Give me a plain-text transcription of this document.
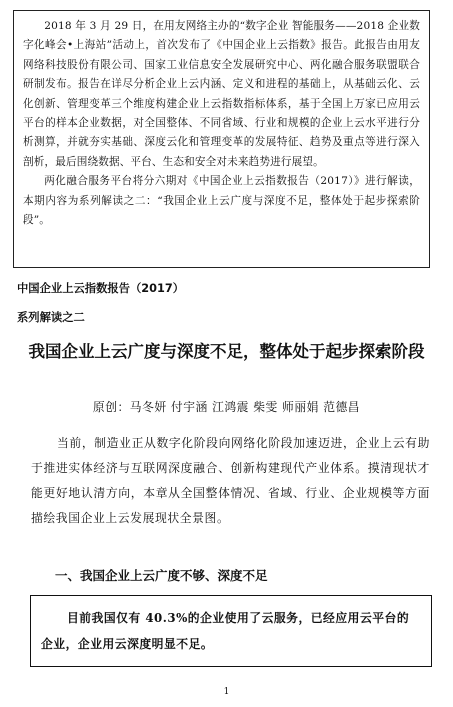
2018 年 3 月 29 日，在用友网络主办的“数字企业 智能服务——2018 企业数字化峰会•上海站”活动上，首次发布了《中国企业上云指数》报告。此报告由用友网络科技股份有限公司、国家工业信息安全发展研究中心、两化融合服务联盟联合研制发布。报告在详尽分析企业上云内涵、定义和进程的基础上，从基础云化、云化创新、管理变革三个维度构建企业上云指数指标体系，基于全国上万家已应用云平台的样本企业数据，对全国整体、不同省域、行业和规模的企业上云水平进行分析测算，并就夯实基础、深度云化和管理变革的发展特征、趋势及重点等进行深入剖析，最后围绕数据、平台、生态和安全对未来趋势进行展望。

两化融合服务平台将分六期对《中国企业上云指数报告（2017）》进行解读，本期内容为系列解读之二：“我国企业上云广度与深度不足，整体处于起步探索阶段”。

中国企业上云指数报告（2017）
系列解读之二
我国企业上云广度与深度不足，整体处于起步探索阶段
原创：马冬妍 付宇涵 江鸿震 柴雯 师丽娟 范德昌

当前，制造业正从数字化阶段向网络化阶段加速迈进，企业上云有助于推进实体经济与互联网深度融合、创新构建现代产业体系。摸清现状才能更好地认清方向，本章从全国整体情况、省域、行业、企业规模等方面描绘我国企业上云发展现状全景图。

一、我国企业上云广度不够、深度不足

目前我国仅有 40.3%的企业使用了云服务，已经应用云平台的企业，企业用云深度明显不足。

1
